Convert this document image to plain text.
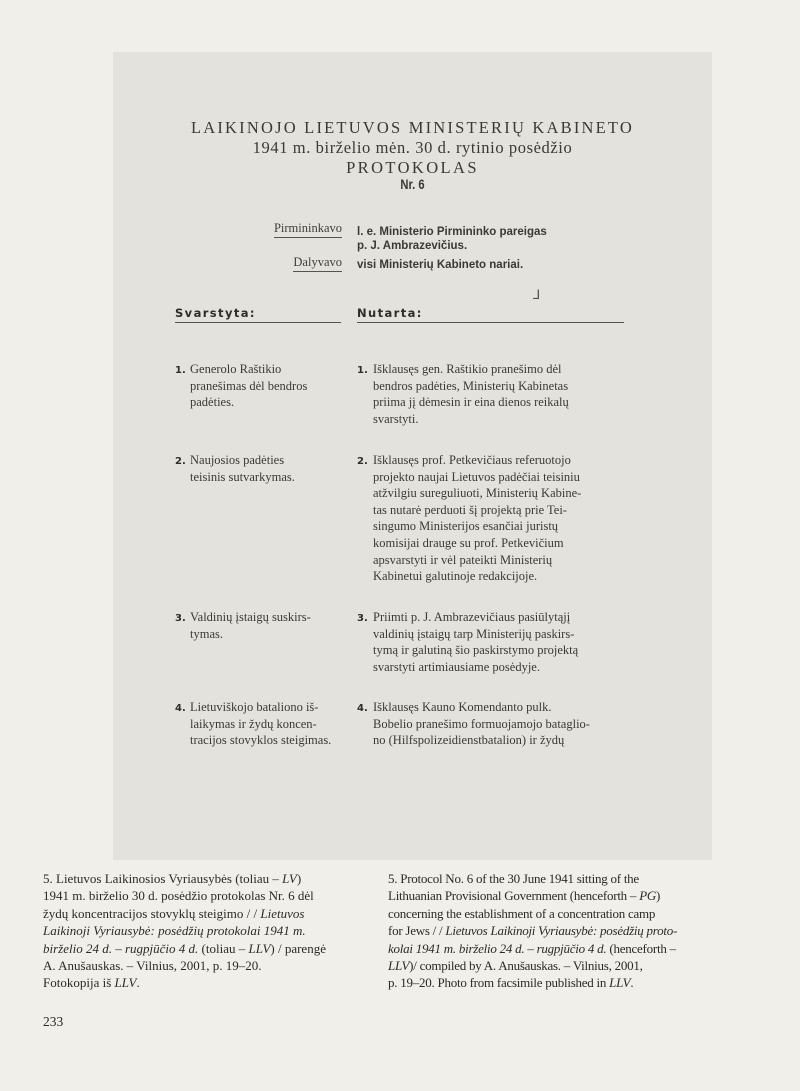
LAIKINOJO LIETUVOS MINISTERIŲ KABINETO
1941 m. birželio mėn. 30 d. rytinio posėdžio
PROTOKOLAS
Nr. 6
Pirmininkavo
Dalyvavo
l. e. Ministerio Pirmininko pareigas
p. J. Ambrazevičius.
visi Ministerių Kabineto nariai.
⅃
Svarstyta:	Nutarta:
1. Generolo Raštikio
pranešimas dėl bendros
padėties.
1. Išklausęs gen. Raštikio pranešimo dėl
bendros padėties, Ministerių Kabinetas
priima jį dėmesin ir eina dienos reikalų
svarstyti.
2. Naujosios padėties
teisinis sutvarkymas.
2. Išklausęs prof. Petkevičiaus referuotojo
projekto naujai Lietuvos padėčiai teisiniu
atžvilgiu sureguliuoti, Ministerių Kabine-
tas nutarė perduoti šį projektą prie Tei-
singumo Ministerijos esančiai juristų
komisijai drauge su prof. Petkevičium
apsvarstyti ir vėl pateikti Ministerių
Kabinetui galutinoje redakcijoje.
3. Valdinių įstaigų suskirs-
tymas.
3. Priimti p. J. Ambrazevičiaus pasiūlytąjį
valdinių įstaigų tarp Ministerijų paskirs-
tymą ir galutiną šio paskirstymo projektą
svarstyti artimiausiame posėdyje.
4. Lietuviškojo bataliono iš-
laikymas ir žydų koncen-
tracijos stovyklos steigimas.
4. Išklausęs Kauno Komendanto pulk.
Bobelio pranešimo formuojamojo bataglio-
no (Hilfspolizeidienstbatalion) ir žydų
5. Lietuvos Laikinosios Vyriausybės (toliau – LV)
1941 m. birželio 30 d. posėdžio protokolas Nr. 6 dėl
žydų koncentracijos stovyklų steigimo / / Lietuvos
Laikinoji Vyriausybė: posėdžių protokolai 1941 m.
birželio 24 d. – rugpjūčio 4 d. (toliau – LLV) / parengė
A. Anušauskas. – Vilnius, 2001, p. 19–20.
Fotokopija iš LLV.
5. Protocol No. 6 of the 30 June 1941 sitting of the
Lithuanian Provisional Government (henceforth – PG)
concerning the establishment of a concentration camp
for Jews / / Lietuvos Laikinoji Vyriausybė: posėdžių proto-
kolai 1941 m. birželio 24 d. – rugpjūčio 4 d. (henceforth –
LLV)/ compiled by A. Anušauskas. – Vilnius, 2001,
p. 19–20. Photo from facsimile published in LLV.
233
